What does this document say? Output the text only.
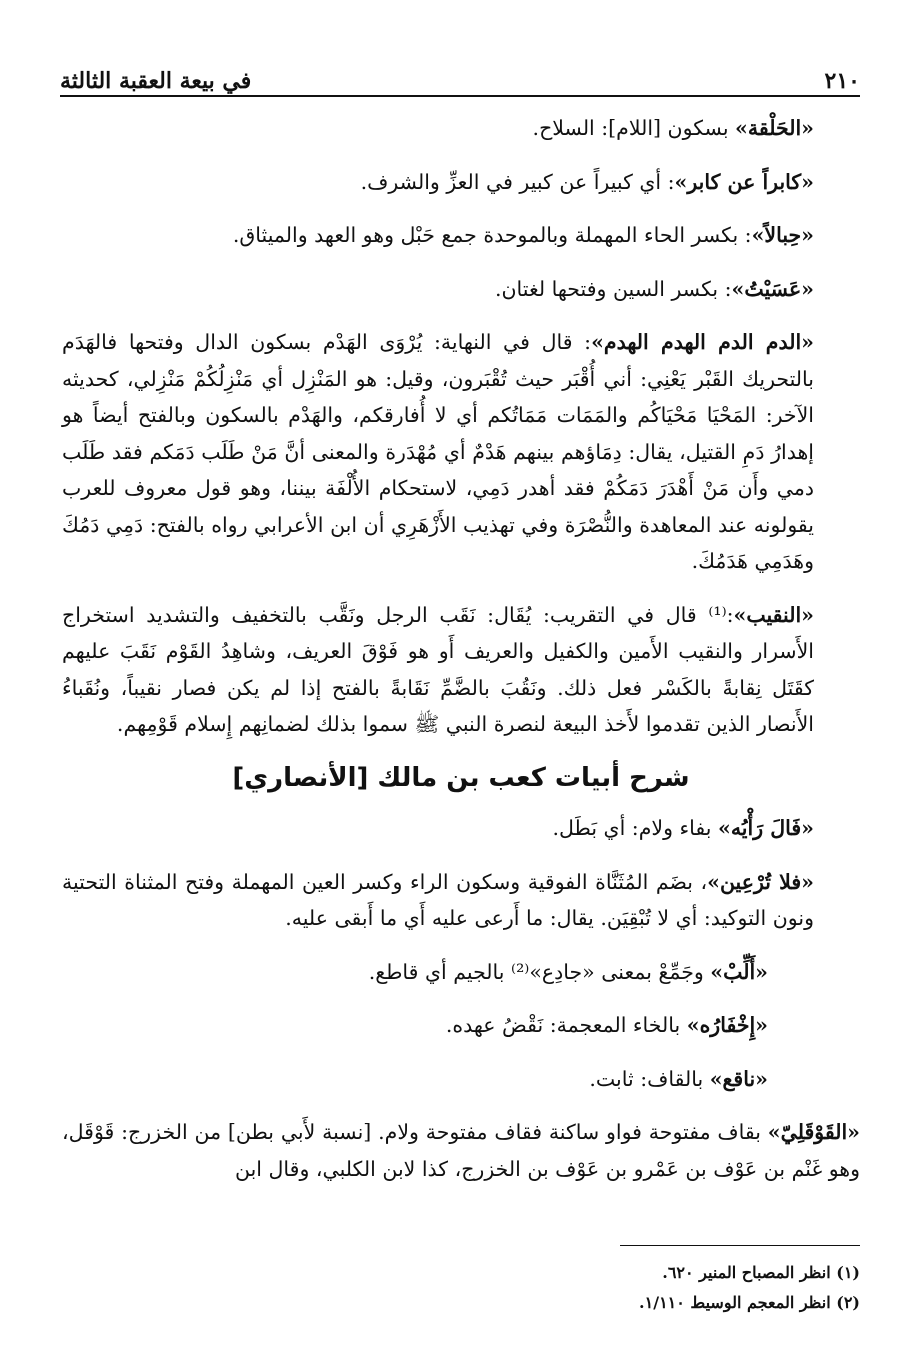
٢١٠
في بيعة العقبة الثالثة

«الحَلْقة» بسكون [اللام]: السلاح.

«كابراً عن كابر»: أي كبيراً عن كبير في العزِّ والشرف.

«حِبالاً»: بكسر الحاء المهملة وبالموحدة جمع حَبْل وهو العهد والميثاق.

«عَسَيْتُ»: بكسر السين وفتحها لغتان.

«الدم الدم الهدم الهدم»: قال في النهاية: يُرْوَى الهَدْم بسكون الدال وفتحها فالهَدَم بالتحريك القَبْر يَعْنِي: أني أُقْبَر حيث تُقْبَرون، وقيل: هو المَنْزِل أي مَنْزِلُكُمْ مَنْزِلي، كحديثه الآخر: المَحْيَا مَحْيَاكُم والمَمَات مَمَاتُكم أي لا أُفارقكم، والهَدْم بالسكون وبالفتح أيضاً هو إهدارُ دَمِ القتيل، يقال: دِمَاؤهم بينهم هَدْمٌ أي مُهْدَرة والمعنى أنَّ مَنْ طَلَب دَمَكم فقد طَلَب دمي وأَن مَنْ أَهْدَرَ دَمَكُمْ فقد أهدر دَمِي، لاستحكام الأُلْفَة بيننا، وهو قول معروف للعرب يقولونه عند المعاهدة والنُّصْرَة وفي تهذيب الأَزْهَرِي أن ابن الأعرابي رواه بالفتح: دَمِي دَمُكَ وهَدَمِي هَدَمُكَ.

«النقيب»:⁽¹⁾ قال في التقريب: يُقَال: نَقَب الرجل ونَقَّب بالتخفيف والتشديد استخراج الأَسرار والنقيب الأَمين والكفيل والعريف أَو هو فَوْقَ العريف، وشاهِدُ القَوْم نَقَبَ عليهم كقَتَل نِقابةً بالكَسْر فعل ذلك. ونَقُبَ بالضَّمِّ نَقَابةً بالفتح إذا لم يكن فصار نقيباً، ونُقَباءُ الأَنصار الذين تقدموا لأَخذ البيعة لنصرة النبي ﷺ سموا بذلك لضمانِهم إِسلام قَوْمِهم.

شرح أبيات كعب بن مالك [الأنصاري]

«فَالَ رَأْيُه» بفاء ولام: أي بَطَل.

«فلا تُرْعِين»، بضَم المُثَنَّاة الفوقية وسكون الراء وكسر العين المهملة وفتح المثناة التحتية ونون التوكيد: أي لا تُبْقِيَن. يقال: ما أَرعى عليه أَي ما أَبقى عليه.

«أَلِّبْ» وجَمِّعْ بمعنى «جادِع»⁽²⁾ بالجيم أي قاطع.

«إِخْفَارُه» بالخاء المعجمة: نَقْضُ عهده.

«ناقع» بالقاف: ثابت.

«القَوْقَلِيّ» بقاف مفتوحة فواو ساكنة فقاف مفتوحة ولام. [نسبة لأَبي بطن] من الخزرج: قَوْقَل، وهو غَنْم بن عَوْف بن عَمْرو بن عَوْف بن الخزرج، كذا لابن الكلبي، وقال ابن

(١) انظر المصباح المنير ٦٢٠.
(٢) انظر المعجم الوسيط ١/١١٠.
